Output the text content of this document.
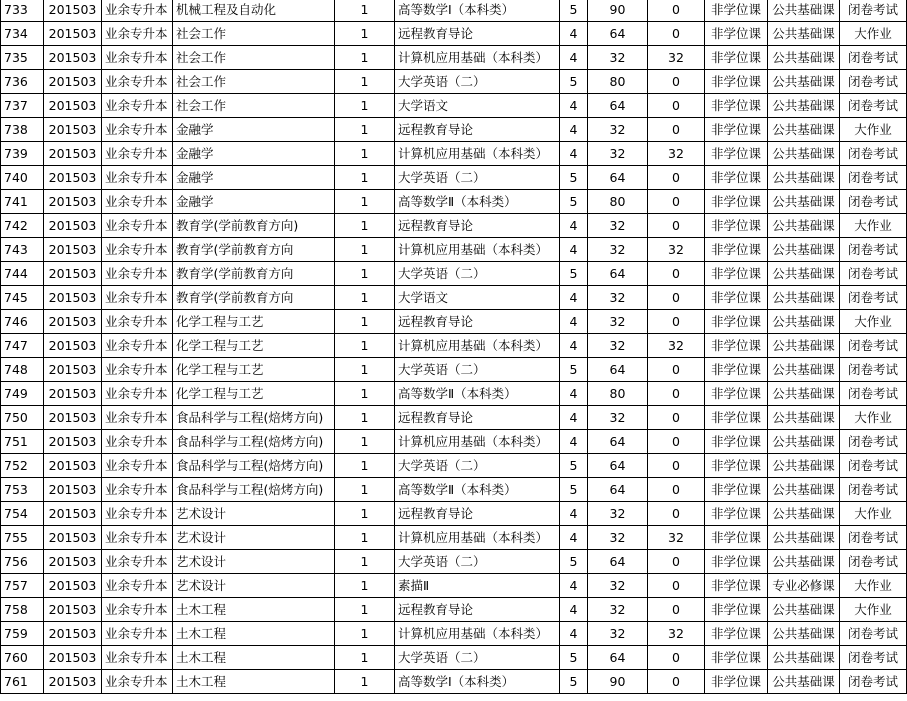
733	201503	业余专升本	机械工程及自动化	1	高等数学Ⅰ（本科类）	5	90	0	非学位课	公共基础课	闭卷考试
734	201503	业余专升本	社会工作	1	远程教育导论	4	64	0	非学位课	公共基础课	大作业
735	201503	业余专升本	社会工作	1	计算机应用基础（本科类）	4	32	32	非学位课	公共基础课	闭卷考试
736	201503	业余专升本	社会工作	1	大学英语（二）	5	80	0	非学位课	公共基础课	闭卷考试
737	201503	业余专升本	社会工作	1	大学语文	4	64	0	非学位课	公共基础课	闭卷考试
738	201503	业余专升本	金融学	1	远程教育导论	4	32	0	非学位课	公共基础课	大作业
739	201503	业余专升本	金融学	1	计算机应用基础（本科类）	4	32	32	非学位课	公共基础课	闭卷考试
740	201503	业余专升本	金融学	1	大学英语（二）	5	64	0	非学位课	公共基础课	闭卷考试
741	201503	业余专升本	金融学	1	高等数学Ⅱ（本科类）	5	80	0	非学位课	公共基础课	闭卷考试
742	201503	业余专升本	教育学(学前教育方向)	1	远程教育导论	4	32	0	非学位课	公共基础课	大作业
743	201503	业余专升本	教育学(学前教育方向	1	计算机应用基础（本科类）	4	32	32	非学位课	公共基础课	闭卷考试
744	201503	业余专升本	教育学(学前教育方向	1	大学英语（二）	5	64	0	非学位课	公共基础课	闭卷考试
745	201503	业余专升本	教育学(学前教育方向	1	大学语文	4	32	0	非学位课	公共基础课	闭卷考试
746	201503	业余专升本	化学工程与工艺	1	远程教育导论	4	32	0	非学位课	公共基础课	大作业
747	201503	业余专升本	化学工程与工艺	1	计算机应用基础（本科类）	4	32	32	非学位课	公共基础课	闭卷考试
748	201503	业余专升本	化学工程与工艺	1	大学英语（二）	5	64	0	非学位课	公共基础课	闭卷考试
749	201503	业余专升本	化学工程与工艺	1	高等数学Ⅱ（本科类）	4	80	0	非学位课	公共基础课	闭卷考试
750	201503	业余专升本	食品科学与工程(焙烤方向)	1	远程教育导论	4	32	0	非学位课	公共基础课	大作业
751	201503	业余专升本	食品科学与工程(焙烤方向)	1	计算机应用基础（本科类）	4	64	0	非学位课	公共基础课	闭卷考试
752	201503	业余专升本	食品科学与工程(焙烤方向)	1	大学英语（二）	5	64	0	非学位课	公共基础课	闭卷考试
753	201503	业余专升本	食品科学与工程(焙烤方向)	1	高等数学Ⅱ（本科类）	5	64	0	非学位课	公共基础课	闭卷考试
754	201503	业余专升本	艺术设计	1	远程教育导论	4	32	0	非学位课	公共基础课	大作业
755	201503	业余专升本	艺术设计	1	计算机应用基础（本科类）	4	32	32	非学位课	公共基础课	闭卷考试
756	201503	业余专升本	艺术设计	1	大学英语（二）	5	64	0	非学位课	公共基础课	闭卷考试
757	201503	业余专升本	艺术设计	1	素描Ⅱ	4	32	0	非学位课	专业必修课	大作业
758	201503	业余专升本	土木工程	1	远程教育导论	4	32	0	非学位课	公共基础课	大作业
759	201503	业余专升本	土木工程	1	计算机应用基础（本科类）	4	32	32	非学位课	公共基础课	闭卷考试
760	201503	业余专升本	土木工程	1	大学英语（二）	5	64	0	非学位课	公共基础课	闭卷考试
761	201503	业余专升本	土木工程	1	高等数学Ⅰ（本科类）	5	90	0	非学位课	公共基础课	闭卷考试
